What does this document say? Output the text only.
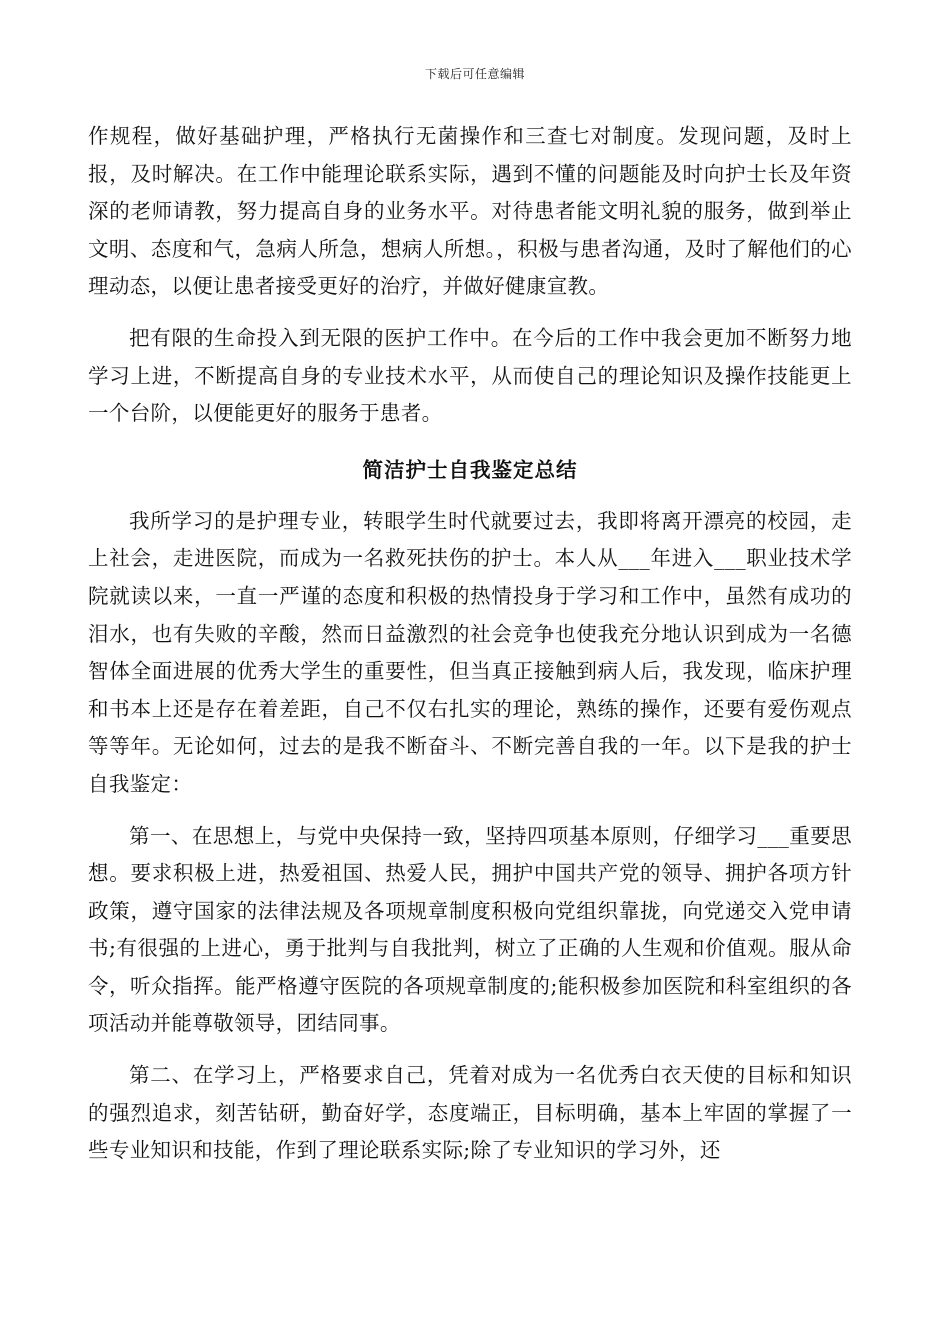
下载后可任意编辑

作规程，做好基础护理，严格执行无菌操作和三查七对制度。发现问题，及时上报，及时解决。在工作中能理论联系实际，遇到不懂的问题能及时向护士长及年资深的老师请教，努力提高自身的业务水平。对待患者能文明礼貌的服务，做到举止文明、态度和气，急病人所急，想病人所想。，积极与患者沟通，及时了解他们的心理动态，以便让患者接受更好的治疗，并做好健康宣教。

把有限的生命投入到无限的医护工作中。在今后的工作中我会更加不断努力地学习上进，不断提高自身的专业技术水平，从而使自己的理论知识及操作技能更上一个台阶，以便能更好的服务于患者。

简洁护士自我鉴定总结

我所学习的是护理专业，转眼学生时代就要过去，我即将离开漂亮的校园，走上社会，走进医院，而成为一名救死扶伤的护士。本人从___年进入___职业技术学院就读以来，一直一严谨的态度和积极的热情投身于学习和工作中，虽然有成功的泪水，也有失败的辛酸，然而日益激烈的社会竞争也使我充分地认识到成为一名德智体全面进展的优秀大学生的重要性，但当真正接触到病人后，我发现，临床护理和书本上还是存在着差距，自己不仅右扎实的理论，熟练的操作，还要有爱伤观点等等年。无论如何，过去的是我不断奋斗、不断完善自我的一年。以下是我的护士自我鉴定：

第一、在思想上，与党中央保持一致，坚持四项基本原则，仔细学习___重要思想。要求积极上进，热爱祖国、热爱人民，拥护中国共产党的领导、拥护各项方针政策，遵守国家的法律法规及各项规章制度积极向党组织靠拢，向党递交入党申请书;有很强的上进心，勇于批判与自我批判，树立了正确的人生观和价值观。服从命令，听众指挥。能严格遵守医院的各项规章制度的;能积极参加医院和科室组织的各项活动并能尊敬领导，团结同事。

第二、在学习上，严格要求自己，凭着对成为一名优秀白衣天使的目标和知识的强烈追求，刻苦钻研，勤奋好学，态度端正，目标明确，基本上牢固的掌握了一些专业知识和技能，作到了理论联系实际;除了专业知识的学习外，还
